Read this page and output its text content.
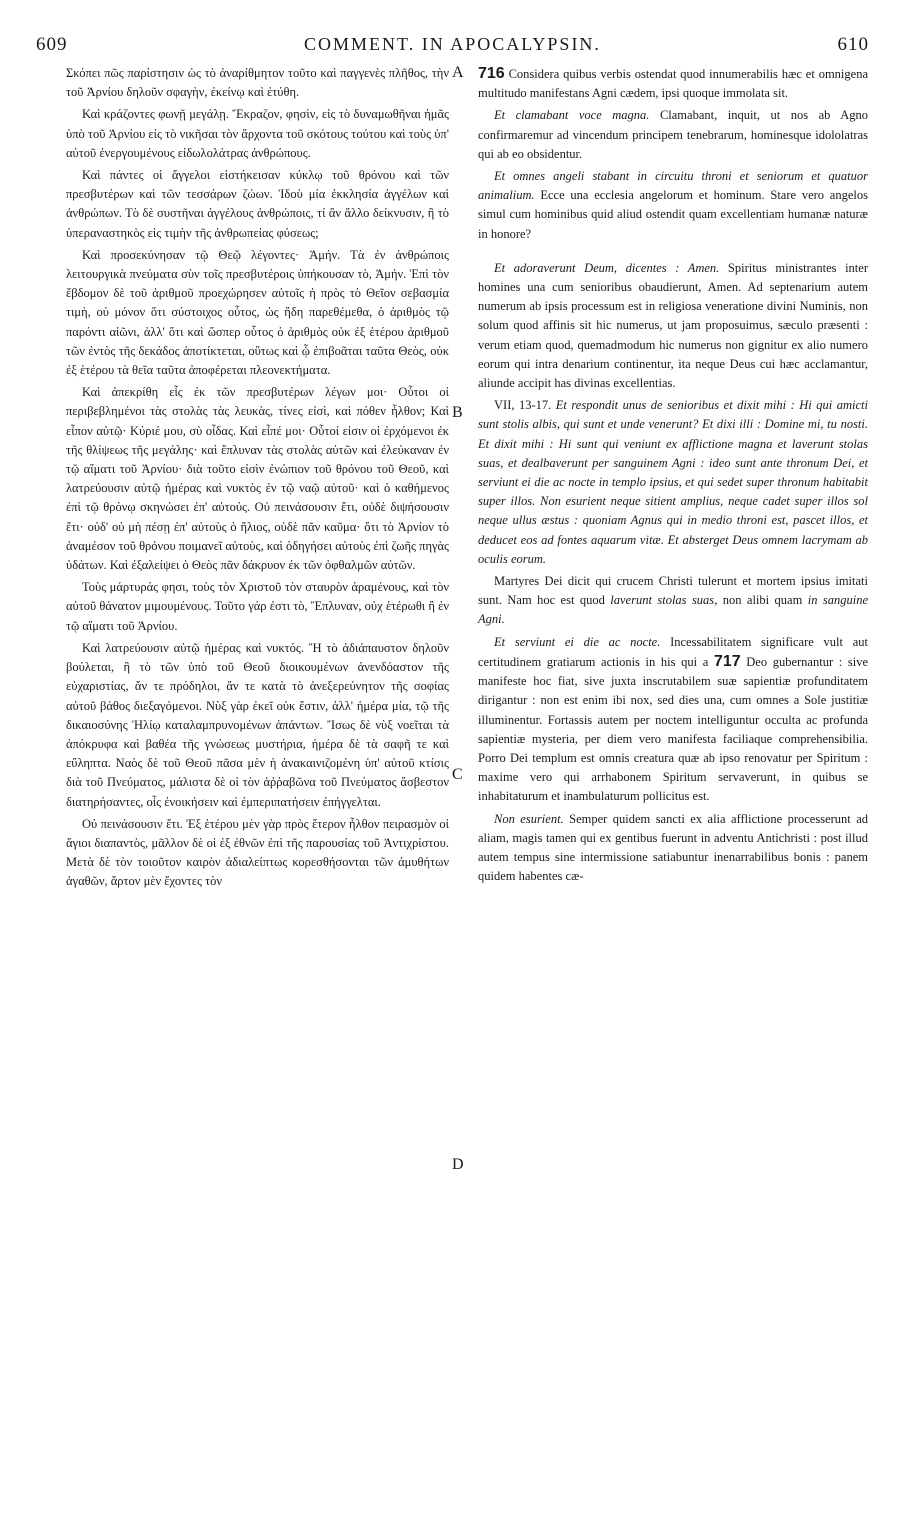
609	COMMENT. IN APOCALYPSIN.	610
A
B
C
D

Σκόπει πῶς παρίστησιν ὡς τὸ ἀναρίθμητον τοῦτο καὶ παγγενὲς πλῆθος, τὴν τοῦ Ἀρνίου δηλοῦν σφαγὴν, ἐκείνῳ καὶ ἐτύθη.

Καὶ κράζοντες φωνῇ μεγάλῃ. Ἔκραζον, φησὶν, εἰς τὸ δυναμωθῆναι ἡμᾶς ὑπὸ τοῦ Ἀρνίου εἰς τὸ νικῆσαι τὸν ἄρχοντα τοῦ σκότους τούτου καὶ τοὺς ὑπ' αὐτοῦ ἐνεργουμένους εἰδωλολάτρας ἀνθρώπους.

Καὶ πάντες οἱ ἄγγελοι εἱστήκεισαν κύκλῳ τοῦ θρόνου καὶ τῶν πρεσβυτέρων καὶ τῶν τεσσάρων ζώων. Ἰδοὺ μία ἐκκλησία ἀγγέλων καὶ ἀνθρώπων. Τὸ δὲ συστῆναι ἀγγέλους ἀνθρώποις, τί ἂν ἄλλο δείκνυσιν, ἢ τὸ ὑπεραναστηκὸς εἰς τιμὴν τῆς ἀνθρωπείας φύσεως;

Καὶ προσεκύνησαν τῷ Θεῷ λέγοντες· Ἀμήν. Τὰ ἐν ἀνθρώποις λειτουργικὰ πνεύματα σὺν τοῖς πρεσβυτέροις ὑπήκουσαν τὸ, Ἀμήν. Ἐπὶ τὸν ἕβδομον δὲ τοῦ ἀριθμοῦ προεχώρησεν αὐτοῖς ἡ πρὸς τὸ Θεῖον σεβασμία τιμὴ, οὐ μόνον ὅτι σύστοιχος οὗτος, ὡς ἤδη παρεθέμεθα, ὁ ἀριθμὸς τῷ παρόντι αἰῶνι, ἀλλ' ὅτι καὶ ὥσπερ οὗτος ὁ ἀριθμὸς οὐκ ἐξ ἑτέρου ἀριθμοῦ τῶν ἐντὸς τῆς δεκάδος ἀποτίκτεται, οὕτως καὶ ᾧ ἐπιβοᾶται ταῦτα Θεὸς, οὐκ ἐξ ἑτέρου τὰ θεῖα ταῦτα ἀποφέρεται πλεονεκτήματα.

Καὶ ἀπεκρίθη εἷς ἐκ τῶν πρεσβυτέρων λέγων μοι· Οὗτοι οἱ περιβεβλημένοι τὰς στολὰς τὰς λευκὰς, τίνες εἰσὶ, καὶ πόθεν ἦλθον; Καὶ εἶπον αὐτῷ· Κύριέ μου, σὺ οἶδας. Καὶ εἶπέ μοι· Οὗτοί εἰσιν οἱ ἐρχόμενοι ἐκ τῆς θλίψεως τῆς μεγάλης· καὶ ἔπλυναν τὰς στολὰς αὐτῶν καὶ ἐλεύκαναν ἐν τῷ αἵματι τοῦ Ἀρνίου· διὰ τοῦτο εἰσὶν ἐνώπιον τοῦ θρόνου τοῦ Θεοῦ, καὶ λατρεύουσιν αὐτῷ ἡμέρας καὶ νυκτὸς ἐν τῷ ναῷ αὐτοῦ· καὶ ὁ καθήμενος ἐπὶ τῷ θρόνῳ σκηνώσει ἐπ' αὐτούς. Οὐ πεινάσουσιν ἔτι, οὐδὲ διψήσουσιν ἔτι· οὐδ' οὐ μὴ πέσῃ ἐπ' αὐτοὺς ὁ ἥλιος, οὐδὲ πᾶν καῦμα· ὅτι τὸ Ἀρνίον τὸ ἀναμέσον τοῦ θρόνου ποιμανεῖ αὐτοὺς, καὶ ὁδηγήσει αὐτοὺς ἐπὶ ζωῆς πηγὰς ὑδάτων. Καὶ ἐξαλείψει ὁ Θεὸς πᾶν δάκρυον ἐκ τῶν ὀφθαλμῶν αὐτῶν.

Τοὺς μάρτυράς φησι, τοὺς τὸν Χριστοῦ τὸν σταυρὸν ἀραμένους, καὶ τὸν αὐτοῦ θάνατον μιμουμένους. Τοῦτο γάρ ἐστι τὸ, Ἔπλυναν, οὐχ ἑτέρωθι ἢ ἐν τῷ αἵματι τοῦ Ἀρνίου.

Καὶ λατρεύουσιν αὐτῷ ἡμέρας καὶ νυκτός. Ἢ τὸ ἀδιάπαυστον δηλοῦν βούλεται, ἢ τὸ τῶν ὑπὸ τοῦ Θεοῦ διοικουμένων ἀνενδόαστον τῆς εὐχαριστίας, ἄν τε πρόδηλοι, ἄν τε κατὰ τὸ ἀνεξερεύνητον τῆς σοφίας αὐτοῦ βάθος διεξαγόμενοι. Νὺξ γὰρ ἐκεῖ οὐκ ἔστιν, ἀλλ' ἡμέρα μία, τῷ τῆς δικαιοσύνης Ἡλίῳ καταλαμπρυνομένων ἁπάντων. Ἴσως δὲ νὺξ νοεῖται τὰ ἀπόκρυφα καὶ βαθέα τῆς γνώσεως μυστήρια, ἡμέρα δὲ τὰ σαφῆ τε καὶ εὔληπτα. Ναὸς δὲ τοῦ Θεοῦ πᾶσα μὲν ἡ ἀνακαινιζομένη ὑπ' αὐτοῦ κτίσις διὰ τοῦ Πνεύματος, μάλιστα δὲ οἱ τὸν ἀῤῥαβῶνα τοῦ Πνεύματος ἄσβεστον διατηρήσαντες, οἷς ἐνοικήσειν καὶ ἐμπεριπατήσειν ἐπήγγελται.

Οὐ πεινάσουσιν ἔτι. Ἐξ ἑτέρου μὲν γὰρ πρὸς ἕτερον ἦλθον πειρασμὸν οἱ ἅγιοι διαπαντὸς, μᾶλλον δὲ οἱ ἐξ ἐθνῶν ἐπὶ τῆς παρουσίας τοῦ Ἀντιχρίστου. Μετὰ δὲ τὸν τοιοῦτον καιρὸν ἀδιαλείπτως κορεσθήσονται τῶν ἀμυθήτων ἀγαθῶν, ἄρτον μὲν ἔχοντες τὸν

716 Considera quibus verbis ostendat quod innumerabilis hæc et omnigena multitudo manifestans Agni cædem, ipsi quoque immolata sit.

Et clamabant voce magna. Clamabant, inquit, ut nos ab Agno confirmaremur ad vincendum principem tenebrarum, hominesque idololatras qui ab eo obsidentur.

Et omnes angeli stabant in circuitu throni et seniorum et quatuor animalium. Ecce una ecclesia angelorum et hominum. Stare vero angelos simul cum hominibus quid aliud ostendit quam excellentiam humanæ naturæ in honore?

Et adoraverunt Deum, dicentes : Amen. Spiritus ministrantes inter homines una cum senioribus obaudierunt, Amen. Ad septenarium autem numerum ab ipsis processum est in religiosa veneratione divini Numinis, non solum quod affinis sit hic numerus, ut jam proposuimus, sæculo præsenti : verum etiam quod, quemadmodum hic numerus non gignitur ex alio numero eorum qui intra denarium continentur, ita neque Deus cui hæc acclamantur, aliunde accipit has divinas excellentias.

VII, 13-17. Et respondit unus de senioribus et dixit mihi : Hi qui amicti sunt stolis albis, qui sunt et unde venerunt? Et dixi illi : Domine mi, tu nosti. Et dixit mihi : Hi sunt qui veniunt ex afflictione magna et laverunt stolas suas, et dealbaverunt per sanguinem Agni : ideo sunt ante thronum Dei, et serviunt ei die ac nocte in templo ipsius, et qui sedet super thronum habitabit super illos. Non esurient neque sitient amplius, neque cadet super illos sol neque ullus æstus : quoniam Agnus qui in medio throni est, pascet illos, et deducet eos ad fontes aquarum vitæ. Et absterget Deus omnem lacrymam ab oculis eorum.

Martyres Dei dicit qui crucem Christi tulerunt et mortem ipsius imitati sunt. Nam hoc est quod laverunt stolas suas, non alibi quam in sanguine Agni.

Et serviunt ei die ac nocte. Incessabilitatem significare vult aut certitudinem gratiarum actionis in his qui a 717 Deo gubernantur : sive manifeste hoc fiat, sive juxta inscrutabilem suæ sapientiæ profunditatem dirigantur : non est enim ibi nox, sed dies una, cum omnes a Sole justitiæ illuminentur. Fortassis autem per noctem intelliguntur occulta ac profunda sapientiæ mysteria, per diem vero manifesta faciliaque comprehensibilia. Porro Dei templum est omnis creatura quæ ab ipso renovatur per Spiritum : maxime vero qui arrhabonem Spiritum servaverunt, in quibus se inhabitaturum et inambulaturum pollicitus est.

Non esurient. Semper quidem sancti ex alia afflictione processerunt ad aliam, magis tamen qui ex gentibus fuerunt in adventu Antichristi : post illud autem tempus sine intermissione satiabuntur inenarrabilibus bonis : panem quidem habentes cæ-
